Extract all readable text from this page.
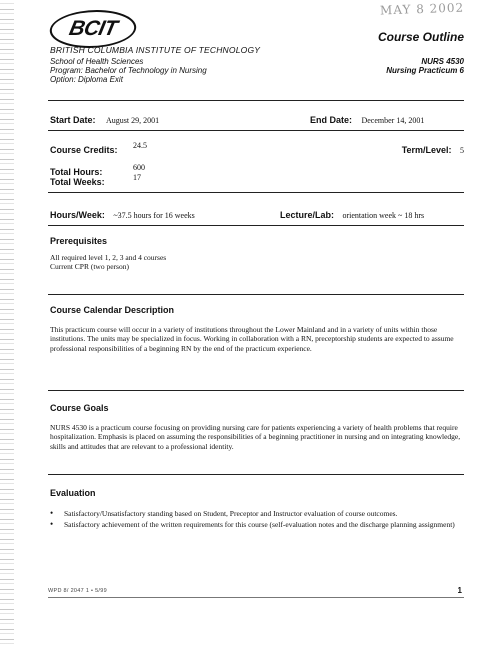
MAY 8 2002
BCIT	Course Outline
BRITISH COLUMBIA INSTITUTE OF TECHNOLOGY
School of Health Sciences
Program: Bachelor of Technology in Nursing
Option: Diploma Exit
NURS 4530
Nursing Practicum 6
Start Date: August 29, 2001	End Date: December 14, 2001
Course Credits: 24.5	Term/Level: 5
Total Hours:	600
Total Weeks:	17
Hours/Week: ~37.5 hours for 16 weeks	Lecture/Lab: orientation week ~ 18 hrs
Prerequisites
All required level 1, 2, 3 and 4 courses
Current CPR (two person)
Course Calendar Description
This practicum course will occur in a variety of institutions throughout the Lower Mainland and in a variety of units within those institutions. The units may be specialized in focus. Working in collaboration with a RN, preceptorship students are expected to assume professional responsibilities of a beginning RN by the end of the practicum experience.
Course Goals
NURS 4530 is a practicum course focusing on providing nursing care for patients experiencing a variety of health problems that require hospitalization. Emphasis is placed on assuming the responsibilities of a beginning practitioner in nursing and on integrating knowledge, skills and attitudes that are relevant to a professional identity.
Evaluation
• Satisfactory/Unsatisfactory standing based on Student, Preceptor and Instructor evaluation of course outcomes.
• Satisfactory achievement of the written requirements for this course (self-evaluation notes and the discharge planning assignment)
WPD 8/ 2047 1 • 5/99	1
